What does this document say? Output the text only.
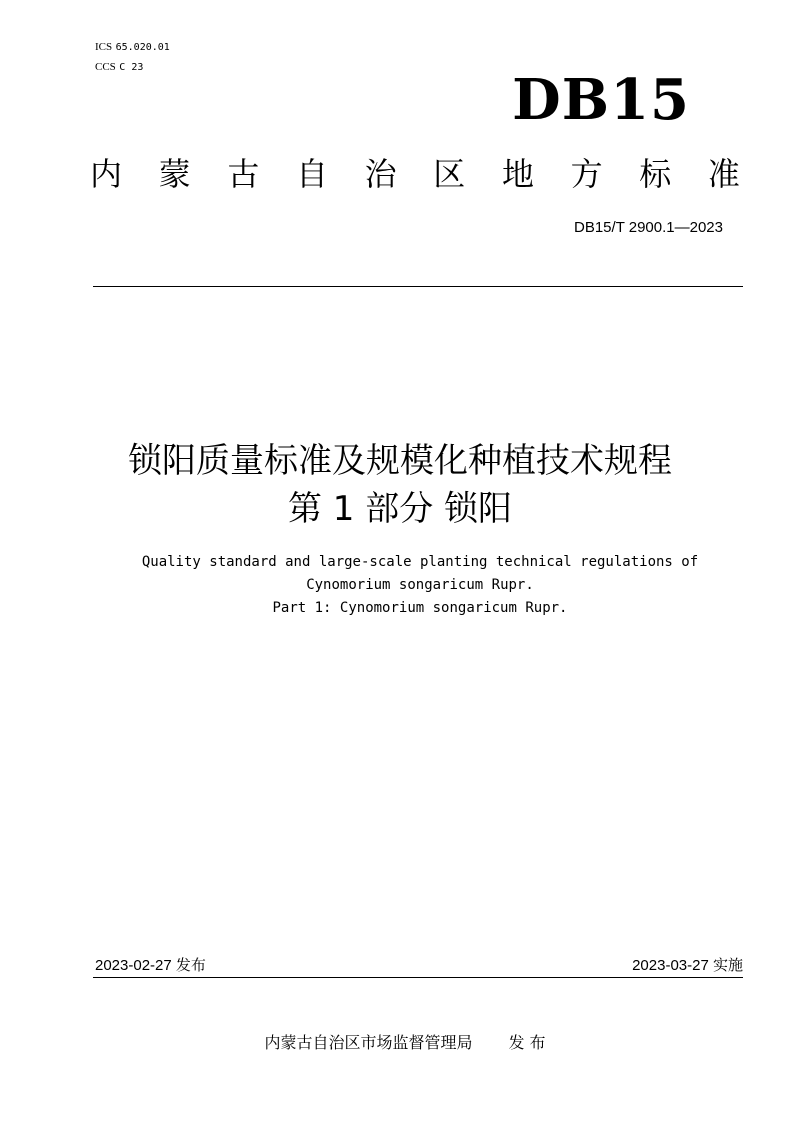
ICS 65.020.01
CCS C 23	DB15
内 蒙 古 自 治 区 地 方 标 准
DB15/T 2900.1—2023
锁阳质量标准及规模化种植技术规程
第 1 部分 锁阳
Quality standard and large-scale planting technical regulations of
Cynomorium songaricum Rupr.
Part 1: Cynomorium songaricum Rupr.
2023-02-27 发布	2023-03-27 实施
内蒙古自治区市场监督管理局 发 布
